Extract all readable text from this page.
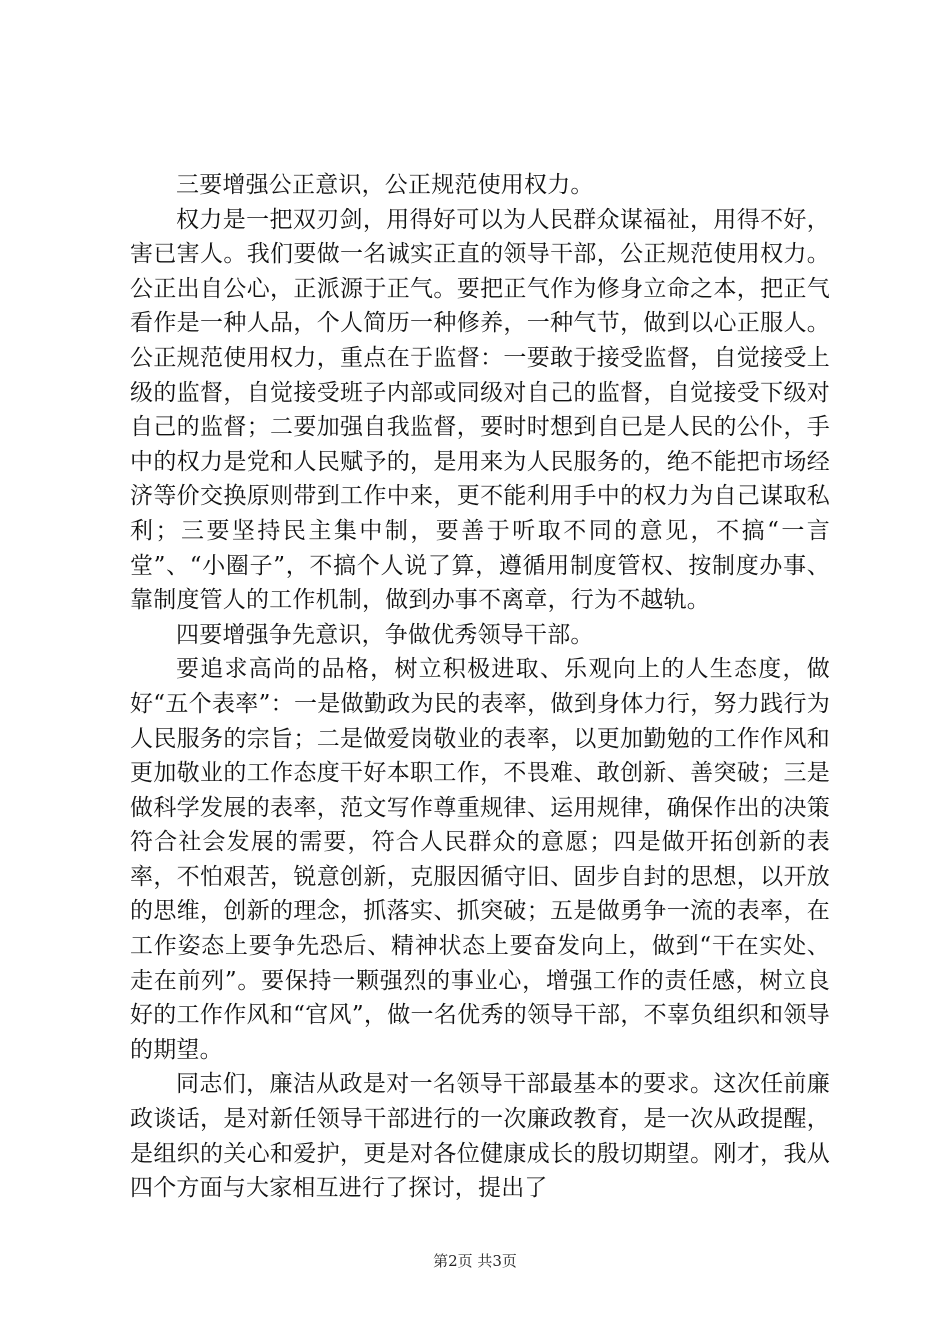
三要增强公正意识，公正规范使用权力。

权力是一把双刃剑，用得好可以为人民群众谋福祉，用得不好，害已害人。我们要做一名诚实正直的领导干部，公正规范使用权力。公正出自公心，正派源于正气。要把正气作为修身立命之本，把正气看作是一种人品，个人简历一种修养，一种气节，做到以心正服人。公正规范使用权力，重点在于监督：一要敢于接受监督，自觉接受上级的监督，自觉接受班子内部或同级对自己的监督，自觉接受下级对自己的监督；二要加强自我监督，要时时想到自已是人民的公仆，手中的权力是党和人民赋予的，是用来为人民服务的，绝不能把市场经济等价交换原则带到工作中来，更不能利用手中的权力为自己谋取私利；三要坚持民主集中制，要善于听取不同的意见，不搞“一言堂”、“小圈子”，不搞个人说了算，遵循用制度管权、按制度办事、靠制度管人的工作机制，做到办事不离章，行为不越轨。

四要增强争先意识，争做优秀领导干部。

要追求高尚的品格，树立积极进取、乐观向上的人生态度，做好“五个表率”：一是做勤政为民的表率，做到身体力行，努力践行为人民服务的宗旨；二是做爱岗敬业的表率，以更加勤勉的工作作风和更加敬业的工作态度干好本职工作，不畏难、敢创新、善突破；三是做科学发展的表率，范文写作尊重规律、运用规律，确保作出的决策符合社会发展的需要，符合人民群众的意愿；四是做开拓创新的表率，不怕艰苦，锐意创新，克服因循守旧、固步自封的思想，以开放的思维，创新的理念，抓落实、抓突破；五是做勇争一流的表率，在工作姿态上要争先恐后、精神状态上要奋发向上，做到“干在实处、走在前列”。要保持一颗强烈的事业心，增强工作的责任感，树立良好的工作作风和“官风”，做一名优秀的领导干部，不辜负组织和领导的期望。

同志们，廉洁从政是对一名领导干部最基本的要求。这次任前廉政谈话，是对新任领导干部进行的一次廉政教育，是一次从政提醒，是组织的关心和爱护，更是对各位健康成长的殷切期望。刚才，我从四个方面与大家相互进行了探讨，提出了

第2页 共3页
